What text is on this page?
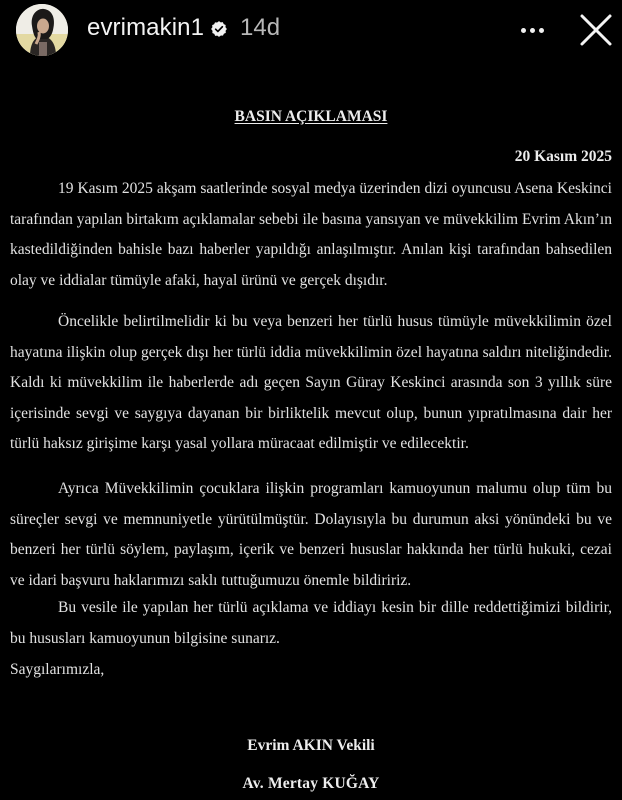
BASIN AÇIKLAMASI
20 Kasım 2025
19 Kasım 2025 akşam saatlerinde sosyal medya üzerinden dizi oyuncusu Asena Keskinci tarafından yapılan birtakım açıklamalar sebebi ile basına yansıyan ve müvekkilim Evrim Akın’ın kastedildiğinden bahisle bazı haberler yapıldığı anlaşılmıştır. Anılan kişi tarafından bahsedilen olay ve iddialar tümüyle afaki, hayal ürünü ve gerçek dışıdır.
Öncelikle belirtilmelidir ki bu veya benzeri her türlü husus tümüyle müvekkilimin özel hayatına ilişkin olup gerçek dışı her türlü iddia müvekkilimin özel hayatına saldırı niteliğindedir. Kaldı ki müvekkilim ile haberlerde adı geçen Sayın Güray Keskinci arasında son 3 yıllık süre içerisinde sevgi ve saygıya dayanan bir birliktelik mevcut olup, bunun yıpratılmasına dair her türlü haksız girişime karşı yasal yollara müracaat edilmiştir ve edilecektir.
Ayrıca Müvekkilimin çocuklara ilişkin programları kamuoyunun malumu olup tüm bu süreçler sevgi ve memnuniyetle yürütülmüştür. Dolayısıyla bu durumun aksi yönündeki bu ve benzeri her türlü söylem, paylaşım, içerik ve benzeri hususlar hakkında her türlü hukuki, cezai ve idari başvuru haklarımızı saklı tuttuğumuzu önemle bildiririz.
Bu vesile ile yapılan her türlü açıklama ve iddiayı kesin bir dille reddettiğimizi bildirir, bu hususları kamuoyunun bilgisine sunarız.
Saygılarımızla,
Evrim AKIN Vekili
Av. Mertay KUĞAY
evrimakin1 14d
